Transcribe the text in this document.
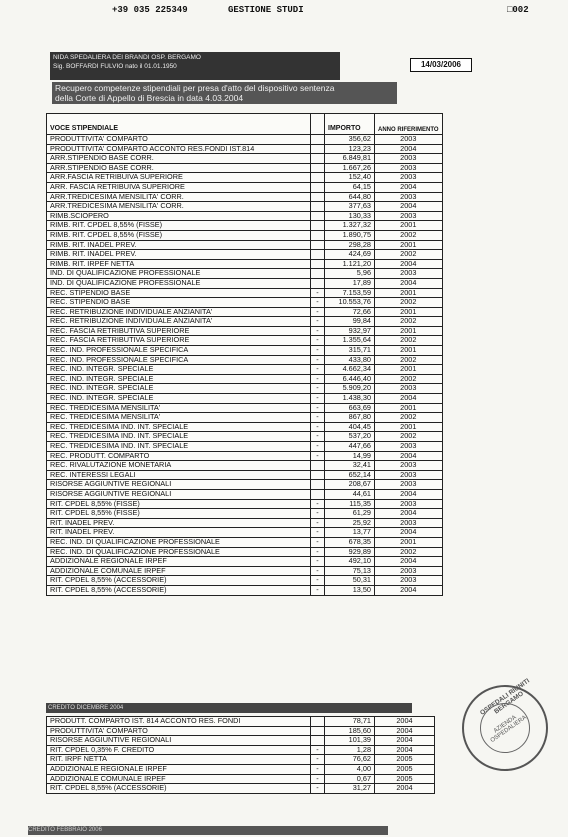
+39 035 225349	GESTIONE STUDI	□002
NIDA SPEDALIERA DEI BRANDI OSP. BERGAMO
Sig. BOFFARDI FULVIO nato il 01.01.1950	14/03/2006
Recupero competenze stipendiali per presa d'atto del dispositivo sentenza
della Corte di Appello di Brescia in data 4.03.2004
VOCE STIPENDIALE		IMPORTO	ANNO RIFERIMENTO
PRODUTTIVITA' COMPARTO		356,62	2003
PRODUTTIVITA' COMPARTO ACCONTO RES.FONDI IST.814		123,23	2004
ARR.STIPENDIO BASE CORR.		6.849,81	2003
ARR.STIPENDIO BASE CORR.		1.667,26	2003
ARR.FASCIA RETRIBUIVA SUPERIORE		152,40	2003
ARR. FASCIA RETRIBUIVA SUPERIORE		64,15	2004
ARR.TREDICESIMA MENSILITA' CORR.		644,80	2003
ARR.TREDICESIMA MENSILITA' CORR.		377,63	2004
RIMB.SCIOPERO		130,33	2003
RIMB. RIT. CPDEL 8,55% (FISSE)		1.327,32	2001
RIMB. RIT. CPDEL 8,55% (FISSE)		1.890,75	2002
RIMB. RIT. INADEL PREV.		298,28	2001
RIMB. RIT. INADEL PREV.		424,69	2002
RIMB. RIT. IRPEF NETTA		1.121,20	2004
IND. DI QUALIFICAZIONE PROFESSIONALE		5,96	2003
IND. DI QUALIFICAZIONE PROFESSIONALE		17,89	2004
REC. STIPENDIO BASE	-	7.153,59	2001
REC. STIPENDIO BASE	-	10.553,76	2002
REC. RETRIBUZIONE INDIVIDUALE ANZIANITA'	-	72,66	2001
REC. RETRIBUZIONE INDIVIDUALE ANZIANITA'	-	99,84	2002
REC. FASCIA RETRIBUTIVA SUPERIORE	-	932,97	2001
REC. FASCIA RETRIBUTIVA SUPERIORE	-	1.355,64	2002
REC. IND. PROFESSIONALE SPECIFICA	-	315,71	2001
REC. IND. PROFESSIONALE SPECIFICA	-	433,80	2002
REC. IND. INTEGR. SPECIALE	-	4.662,34	2001
REC. IND. INTEGR. SPECIALE	-	6.446,40	2002
REC. IND. INTEGR. SPECIALE	-	5.909,20	2003
REC. IND. INTEGR. SPECIALE	-	1.438,30	2004
REC. TREDICESIMA MENSILITA'	-	663,69	2001
REC. TREDICESIMA MENSILITA'	-	867,80	2002
REC. TREDICESIMA IND. INT. SPECIALE	-	404,45	2001
REC. TREDICESIMA IND. INT. SPECIALE	-	537,20	2002
REC. TREDICESIMA IND. INT. SPECIALE	-	447,66	2003
REC. PRODUTT. COMPARTO	-	14,99	2004
REC. RIVALUTAZIONE MONETARIA		32,41	2003
REC. INTERESSI LEGALI		652,14	2003
RISORSE AGGIUNTIVE REGIONALI		208,67	2003
RISORSE AGGIUNTIVE REGIONALI		44,61	2004
RIT. CPDEL 8,55% (FISSE)	-	115,35	2003
RIT. CPDEL 8,55% (FISSE)	-	61,29	2004
RIT. INADEL PREV.	-	25,92	2003
RIT. INADEL PREV.	-	13,77	2004
REC. IND. DI QUALIFICAZIONE PROFESSIONALE	-	678,35	2001
REC. IND. DI QUALIFICAZIONE PROFESSIONALE	-	929,89	2002
ADDIZIONALE REGIONALE IRPEF	-	492,10	2004
ADDIZIONALE COMUNALE IRPEF	-	75,13	2003
RIT. CPDEL 8,55% (ACCESSORIE)	-	50,31	2003
RIT. CPDEL 8,55% (ACCESSORIE)	-	13,50	2004
CREDITO DICEMBRE 2004
PRODUTT. COMPARTO IST. 814 ACCONTO RES. FONDI		78,71	2004
PRODUTTIVITA' COMPARTO		185,60	2004
RISORSE AGGIUNTIVE REGIONALI		101,39	2004
RIT. CPDEL 0,35% F. CREDITO	-	1,28	2004
RIT. IRPF NETTA	-	76,62	2005
ADDIZIONALE REGIONALE IRPEF	-	4,00	2005
ADDIZIONALE COMUNALE IRPEF	-	0,67	2005
RIT. CPDEL 8,55% (ACCESSORIE)	-	31,27	2004
OSPEDALI RIUNITI BERGAMO
AZIENDA OSPEDALIERA
CREDITO FEBBRAIO 2006
